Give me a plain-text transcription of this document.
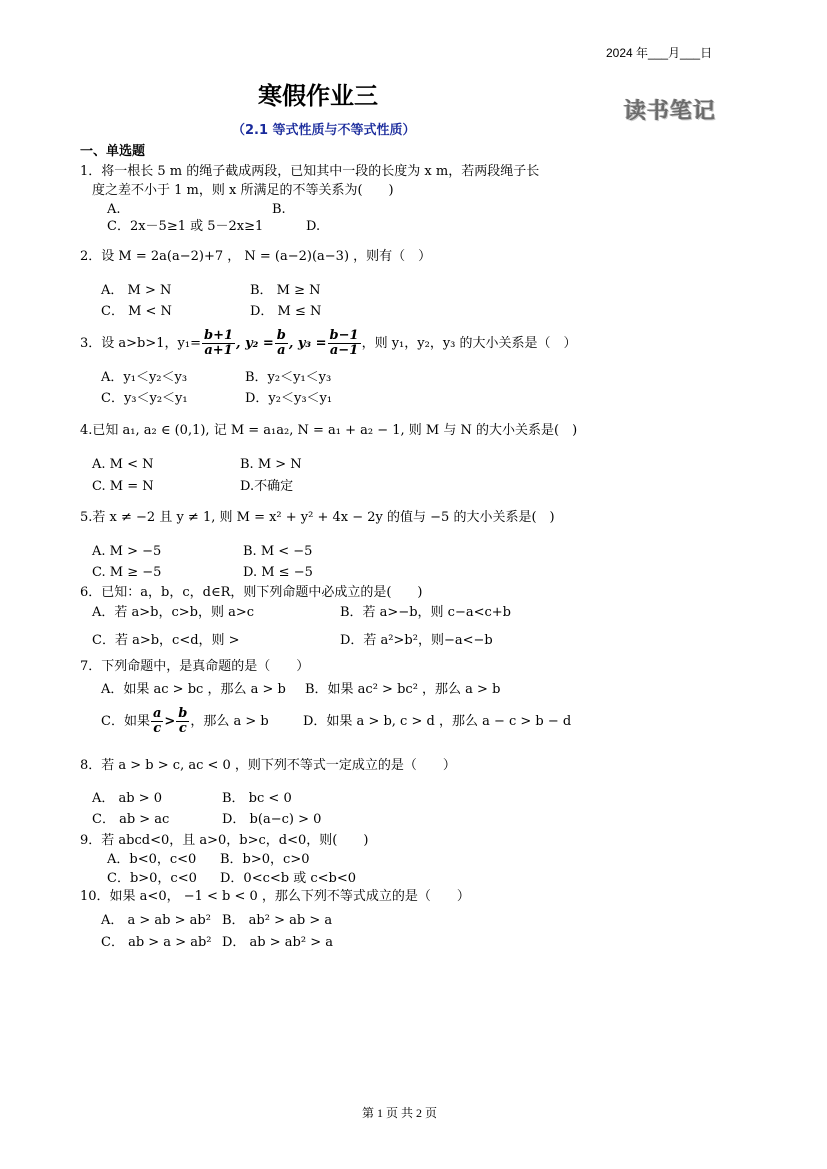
2024 年___月___日
寒假作业三
读书笔记
（2.1 等式性质与不等式性质）
一、单选题
1．将一根长 5 m 的绳子截成两段，已知其中一段的长度为 x m，若两段绳子长
度之差不小于 1 m，则 x 所满足的不等关系为(　　)
A.	B.
C．2x－5≥1 或 5－2x≥1	D.
2．设 M = 2a(a−2)+7 ， N = (a−2)(a−3) ，则有（　）
A． M > N	B． M ≥ N
C． M < N	D． M ≤ N
3．设 a>b>1，$y_1= \frac{b+1}{a+1}$ , $y_2 = \frac{b}{a}$ , $y_3 = \frac{b-1}{a-1}$ ，则 y₁，y₂，y₃ 的大小关系是（　）
A．y₁＜y₂＜y₃	B．y₂＜y₁＜y₃
C．y₃＜y₂＜y₁	D．y₂＜y₃＜y₁
4.已知 a₁, a₂ ∈ (0,1), 记 M = a₁a₂, N = a₁ + a₂ − 1, 则 M 与 N 的大小关系是(　)
A. M < N	B. M > N
C. M = N	D.不确定
5.若 x ≠ −2 且 y ≠ 1, 则 M = x² + y² + 4x − 2y 的值与 −5 的大小关系是(　)
A. M > −5	B. M < −5
C. M ≥ −5	D. M ≤ −5
6．已知：a，b，c，d∈R，则下列命题中必成立的是(　　)
A．若 a>b，c>b，则 a>c	B．若 a>−b，则 c−a<c+b
C．若 a>b，c<d，则 >	D．若 a²>b²，则−a<−b
7．下列命题中，是真命题的是（　　）
A．如果 ac > bc ，那么 a > b B．如果 ac² > bc² ，那么 a > b
C．如果 $\frac{a}{c} > \frac{b}{c}$ ，那么 a > b	D．如果 a > b, c > d ，那么 a − c > b − d
8．若 a > b > c, ac < 0 ，则下列不等式一定成立的是（　　）
A． ab > 0	B． bc < 0
C． ab > ac	D． b(a−c) > 0
9．若 abcd<0，且 a>0，b>c，d<0，则(　　)
A．b<0，c<0 B．b>0，c>0
C．b>0，c<0 D．0<c<b 或 c<b<0
10．如果 a<0， −1 < b < 0 ，那么下列不等式成立的是（　　）
A． a > ab > ab² B． ab² > ab > a
C． ab > a > ab² D． ab > ab² > a
第 1 页 共 2 页
